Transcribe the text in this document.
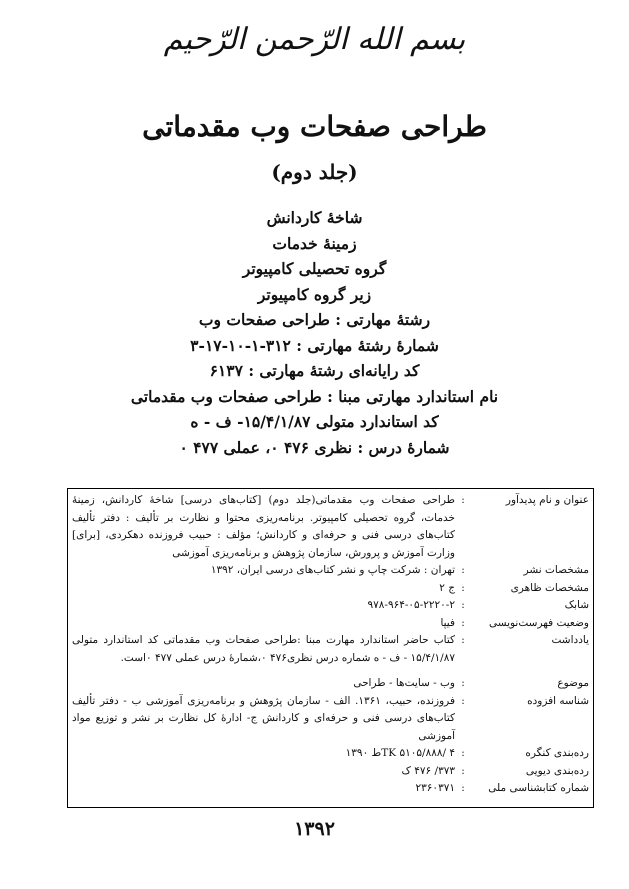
بسم الله الرّحمن الرّحيم
طراحی صفحات وب مقدماتی
(جلد دوم)
شاخهٔ کاردانش
زمینهٔ خدمات
گروه تحصیلی کامپیوتر
زیر گروه کامپیوتر
رشتهٔ مهارتی : طراحی صفحات وب
شمارهٔ رشتهٔ مهارتی : ۳۱۲-۱-۱۰-۱۷-۳
کد رایانه‌ای رشتهٔ مهارتی : ۶۱۳۷
نام استاندارد مهارتی مبنا : طراحی صفحات وب مقدماتی
کد استاندارد متولی ۱۵/۴/۱/۸۷- ف - ه
شمارهٔ درس : نظری ۴۷۶ ۰، عملی ۴۷۷ ۰
عنوان و نام پدیدآور
:
طراحی صفحات وب مقدماتی(جلد دوم) [کتاب‌های درسی] شاخهٔ کاردانش، زمینهٔ خدمات، گروه تحصیلی کامپیوتر. برنامه‌ریزی محتوا و نظارت بر تألیف : دفتر تألیف کتاب‌های درسی فنی و حرفه‌ای و کاردانش؛ مؤلف : حبیب فروزنده دهکردی، [برای] وزارت آموزش و پرورش، سازمان پژوهش و برنامه‌ریزی آموزشی
مشخصات نشر
:
تهران : شرکت چاپ و نشر کتاب‌های درسی ایران، ۱۳۹۲
مشخصات ظاهری
:
ج ۲
شابک
:
۹۷۸-۹۶۴-۰۵-۲۲۲۰-۲
وضعیت فهرست‌نویسی
:
فیپا
یادداشت
:
کتاب حاضر استاندارد مهارت مبنا :طراحی صفحات وب مقدماتی کد استاندارد متولی ۱۵/۴/۱/۸۷ - ف - ه شماره درس نظری۴۷۶ ۰،شمارهٔ درس عملی ۴۷۷ ۰است.
موضوع
:
وب - سایت‌ها - طراحی
شناسه افزوده
:
فروزنده، حبیب، ۱۳۶۱. الف - سازمان پژوهش و برنامه‌ریزی آموزشی ب - دفتر تألیف کتاب‌های درسی فنی و حرفه‌ای و کاردانش ج- ادارهٔ کل نظارت بر نشر و توزیع مواد آموزشی
رده‌بندی کنگره
:
TK ۵۱۰۵/۸۸۸/ ۴ط ۱۳۹۰
رده‌بندی دیویی
:
۳۷۳/ ۴۷۶ ک
شماره کتابشناسی ملی
:
۲۳۶۰۳۷۱
۱۳۹۲
